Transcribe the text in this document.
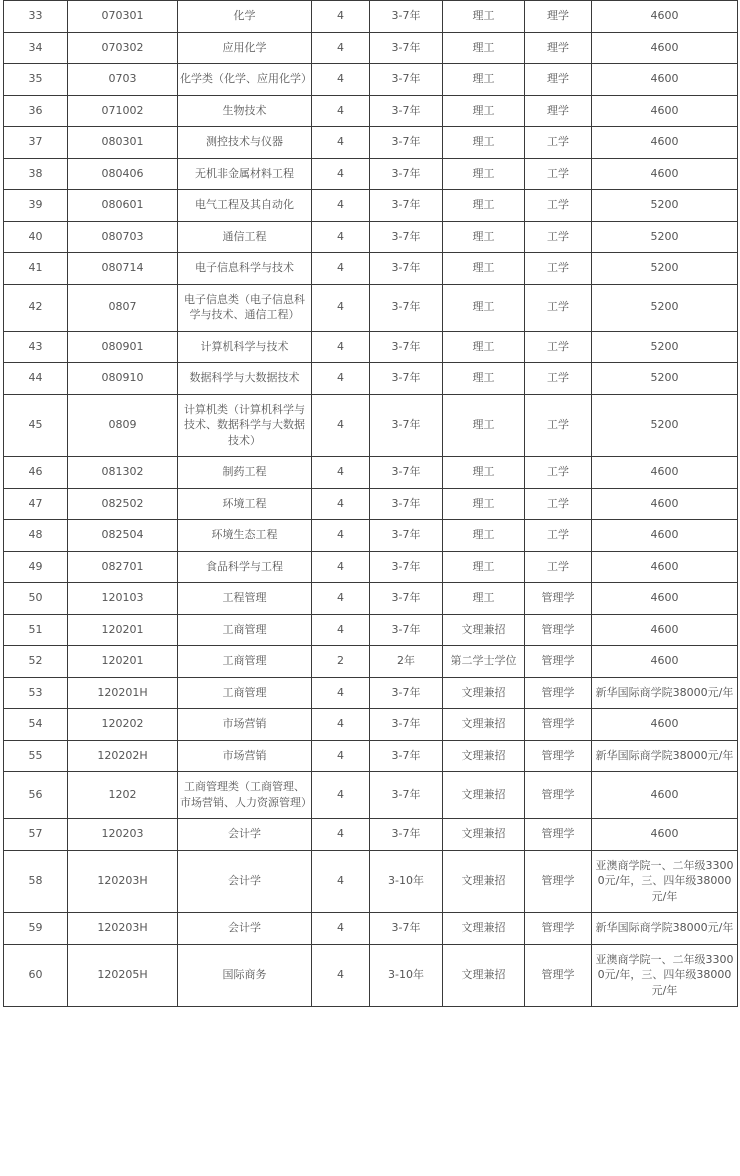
33	070301	化学	4	3-7年	理工	理学	4600
34	070302	应用化学	4	3-7年	理工	理学	4600
35	0703	化学类（化学、应用化学）	4	3-7年	理工	理学	4600
36	071002	生物技术	4	3-7年	理工	理学	4600
37	080301	测控技术与仪器	4	3-7年	理工	工学	4600
38	080406	无机非金属材料工程	4	3-7年	理工	工学	4600
39	080601	电气工程及其自动化	4	3-7年	理工	工学	5200
40	080703	通信工程	4	3-7年	理工	工学	5200
41	080714	电子信息科学与技术	4	3-7年	理工	工学	5200
42	0807	电子信息类（电子信息科学与技术、通信工程）	4	3-7年	理工	工学	5200
43	080901	计算机科学与技术	4	3-7年	理工	工学	5200
44	080910	数据科学与大数据技术	4	3-7年	理工	工学	5200
45	0809	计算机类（计算机科学与技术、数据科学与大数据技术）	4	3-7年	理工	工学	5200
46	081302	制药工程	4	3-7年	理工	工学	4600
47	082502	环境工程	4	3-7年	理工	工学	4600
48	082504	环境生态工程	4	3-7年	理工	工学	4600
49	082701	食品科学与工程	4	3-7年	理工	工学	4600
50	120103	工程管理	4	3-7年	理工	管理学	4600
51	120201	工商管理	4	3-7年	文理兼招	管理学	4600
52	120201	工商管理	2	2年	第二学士学位	管理学	4600
53	120201H	工商管理	4	3-7年	文理兼招	管理学	新华国际商学院38000元/年
54	120202	市场营销	4	3-7年	文理兼招	管理学	4600
55	120202H	市场营销	4	3-7年	文理兼招	管理学	新华国际商学院38000元/年
56	1202	工商管理类（工商管理、市场营销、人力资源管理）	4	3-7年	文理兼招	管理学	4600
57	120203	会计学	4	3-7年	文理兼招	管理学	4600
58	120203H	会计学	4	3-10年	文理兼招	管理学	亚澳商学院一、二年级33000元/年，三、四年级38000元/年
59	120203H	会计学	4	3-7年	文理兼招	管理学	新华国际商学院38000元/年
60	120205H	国际商务	4	3-10年	文理兼招	管理学	亚澳商学院一、二年级33000元/年，三、四年级38000元/年
